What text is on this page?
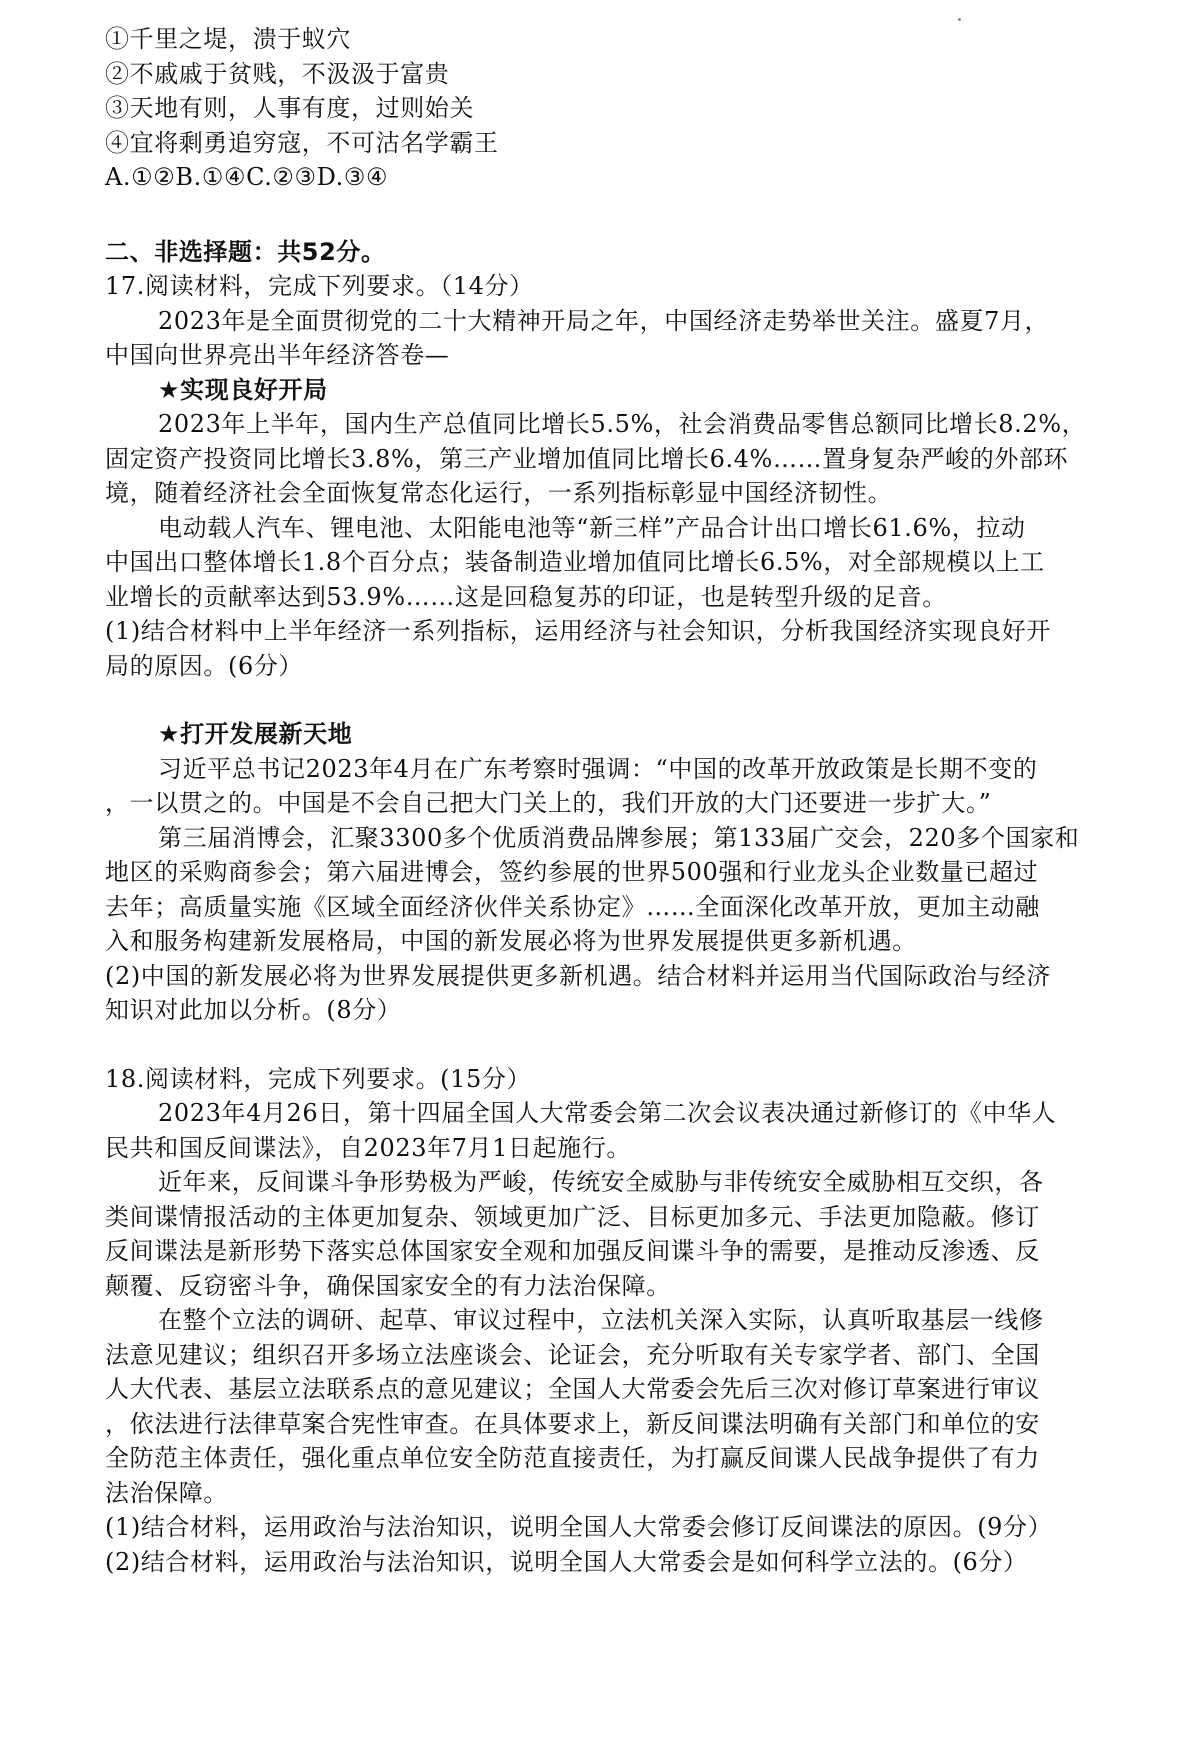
①千里之堤，溃于蚁穴
②不戚戚于贫贱，不汲汲于富贵
③天地有则，人事有度，过则始关
④宜将剩勇追穷寇，不可沽名学霸王
A.①②B.①④C.②③D.③④
二、非选择题：共52分。
17.阅读材料，完成下列要求。（14分）
2023年是全面贯彻党的二十大精神开局之年，中国经济走势举世关注。盛夏7月，
中国向世界亮出半年经济答卷—
★实现良好开局
2023年上半年，国内生产总值同比增长5.5%，社会消费品零售总额同比增长8.2%，
固定资产投资同比增长3.8%，第三产业增加值同比增长6.4%……置身复杂严峻的外部环
境，随着经济社会全面恢复常态化运行，一系列指标彰显中国经济韧性。
电动载人汽车、锂电池、太阳能电池等“新三样”产品合计出口增长61.6%，拉动
中国出口整体增长1.8个百分点；装备制造业增加值同比增长6.5%，对全部规模以上工
业增长的贡献率达到53.9%……这是回稳复苏的印证，也是转型升级的足音。
(1)结合材料中上半年经济一系列指标，运用经济与社会知识，分析我国经济实现良好开
局的原因。(6分）
★打开发展新天地
习近平总书记2023年4月在广东考察时强调：“中国的改革开放政策是长期不变的
，一以贯之的。中国是不会自己把大门关上的，我们开放的大门还要进一步扩大。”
第三届消博会，汇聚3300多个优质消费品牌参展；第133届广交会，220多个国家和
地区的采购商参会；第六届进博会，签约参展的世界500强和行业龙头企业数量已超过
去年；高质量实施《区域全面经济伙伴关系协定》……全面深化改革开放，更加主动融
入和服务构建新发展格局，中国的新发展必将为世界发展提供更多新机遇。
(2)中国的新发展必将为世界发展提供更多新机遇。结合材料并运用当代国际政治与经济
知识对此加以分析。(8分）
18.阅读材料，完成下列要求。(15分）
2023年4月26日，第十四届全国人大常委会第二次会议表决通过新修订的《中华人
民共和国反间谍法》，自2023年7月1日起施行。
近年来，反间谍斗争形势极为严峻，传统安全威胁与非传统安全威胁相互交织，各
类间谍情报活动的主体更加复杂、领域更加广泛、目标更加多元、手法更加隐蔽。修订
反间谍法是新形势下落实总体国家安全观和加强反间谍斗争的需要，是推动反渗透、反
颠覆、反窃密斗争，确保国家安全的有力法治保障。
在整个立法的调研、起草、审议过程中，立法机关深入实际，认真听取基层一线修
法意见建议；组织召开多场立法座谈会、论证会，充分听取有关专家学者、部门、全国
人大代表、基层立法联系点的意见建议；全国人大常委会先后三次对修订草案进行审议
，依法进行法律草案合宪性审查。在具体要求上，新反间谍法明确有关部门和单位的安
全防范主体责任，强化重点单位安全防范直接责任，为打赢反间谍人民战争提供了有力
法治保障。
(1)结合材料，运用政治与法治知识，说明全国人大常委会修订反间谍法的原因。(9分）
(2)结合材料，运用政治与法治知识，说明全国人大常委会是如何科学立法的。(6分）
